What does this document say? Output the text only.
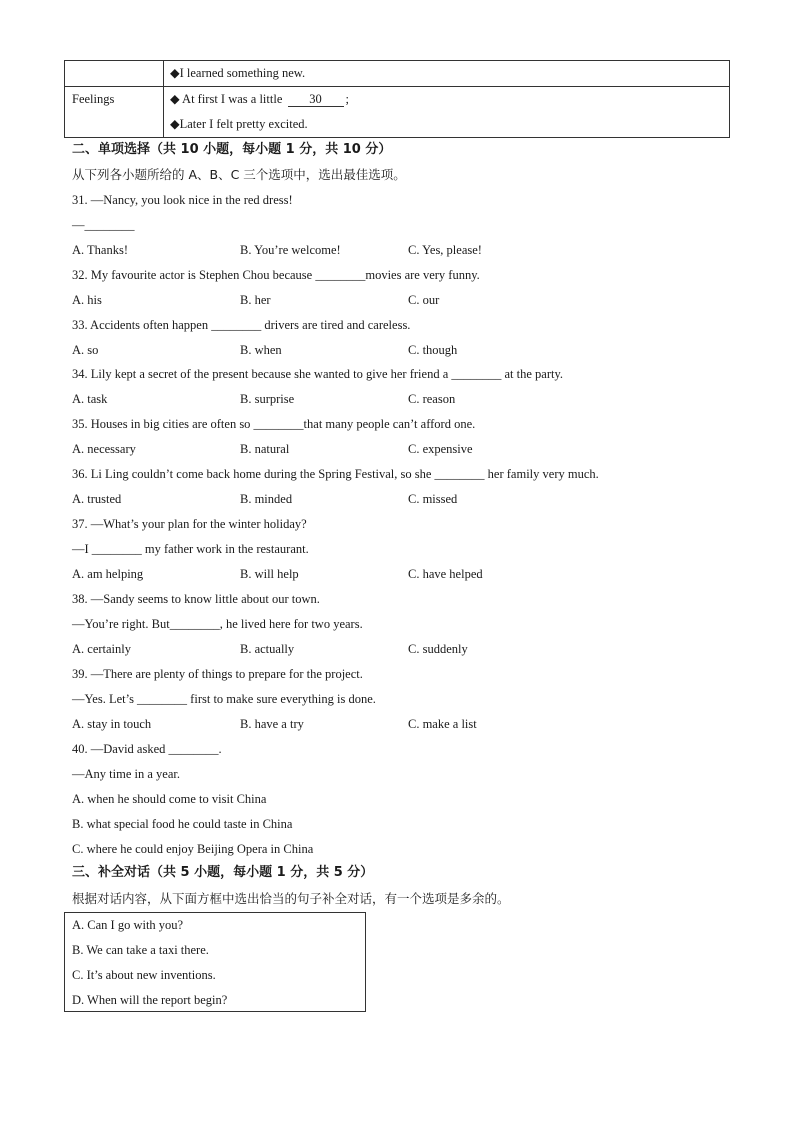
	◆I learned something new.

Feelings	◆ At first I was a little 30 ;
◆Later I felt pretty excited.
二、单项选择（共 10 小题，每小题 1 分，共 10 分）
从下列各小题所给的 A、B、C 三个选项中，选出最佳选项。
31. —Nancy, you look nice in the red dress!
—________
A. Thanks!	B. You’re welcome!	C. Yes, please!
32. My favourite actor is Stephen Chou because ________movies are very funny.
A. his	B. her	C. our
33. Accidents often happen ________ drivers are tired and careless.
A. so	B. when	C. though
34. Lily kept a secret of the present because she wanted to give her friend a ________ at the party.
A. task	B. surprise	C. reason
35. Houses in big cities are often so ________that many people can’t afford one.
A. necessary	B. natural	C. expensive
36. Li Ling couldn’t come back home during the Spring Festival, so she ________ her family very much.
A. trusted	B. minded	C. missed
37. —What’s your plan for the winter holiday?
—I ________ my father work in the restaurant.
A. am helping	B. will help	C. have helped
38. —Sandy seems to know little about our town.
—You’re right. But________, he lived here for two years.
A. certainly	B. actually	C. suddenly
39. —There are plenty of things to prepare for the project.
—Yes. Let’s ________ first to make sure everything is done.
A. stay in touch	B. have a try	C. make a list
40. —David asked ________.
—Any time in a year.
A. when he should come to visit China
B. what special food he could taste in China
C. where he could enjoy Beijing Opera in China
三、补全对话（共 5 小题，每小题 1 分，共 5 分）
根据对话内容，从下面方框中选出恰当的句子补全对话，有一个选项是多余的。
A. Can I go with you?
B. We can take a taxi there.
C. It’s about new inventions.
D. When will the report begin?
